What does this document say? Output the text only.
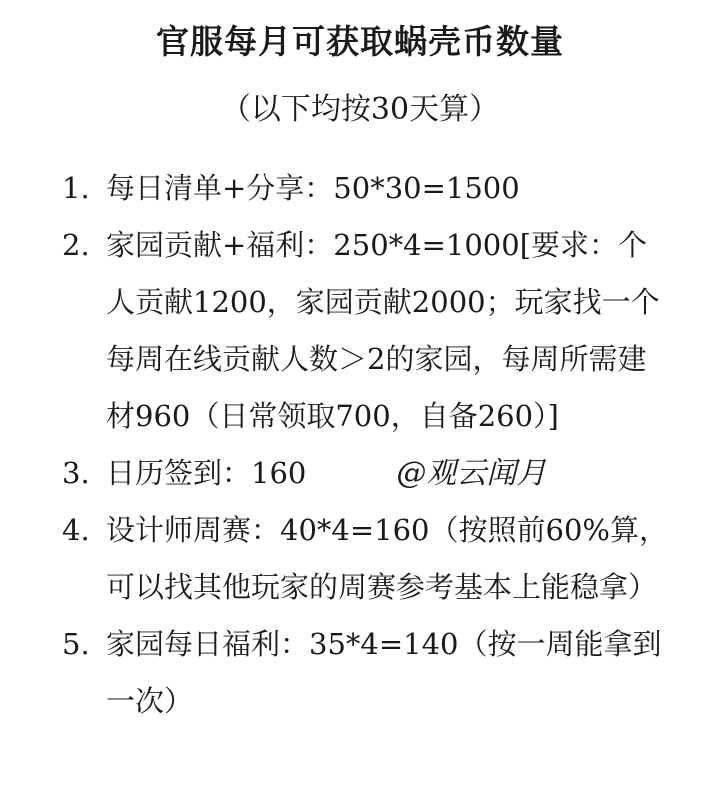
官服每月可获取蜗壳币数量
（以下均按30天算）
1. 每日清单+分享：50*30=1500
2. 家园贡献+福利：250*4=1000[要求：个人贡献1200，家园贡献2000；玩家找一个每周在线贡献人数＞2的家园，每周所需建材960（日常领取700，自备260）]
3. 日历签到：160	@观云闻月
4. 设计师周赛：40*4=160（按照前60%算，可以找其他玩家的周赛参考基本上能稳拿）
5. 家园每日福利：35*4=140（按一周能拿到一次）
